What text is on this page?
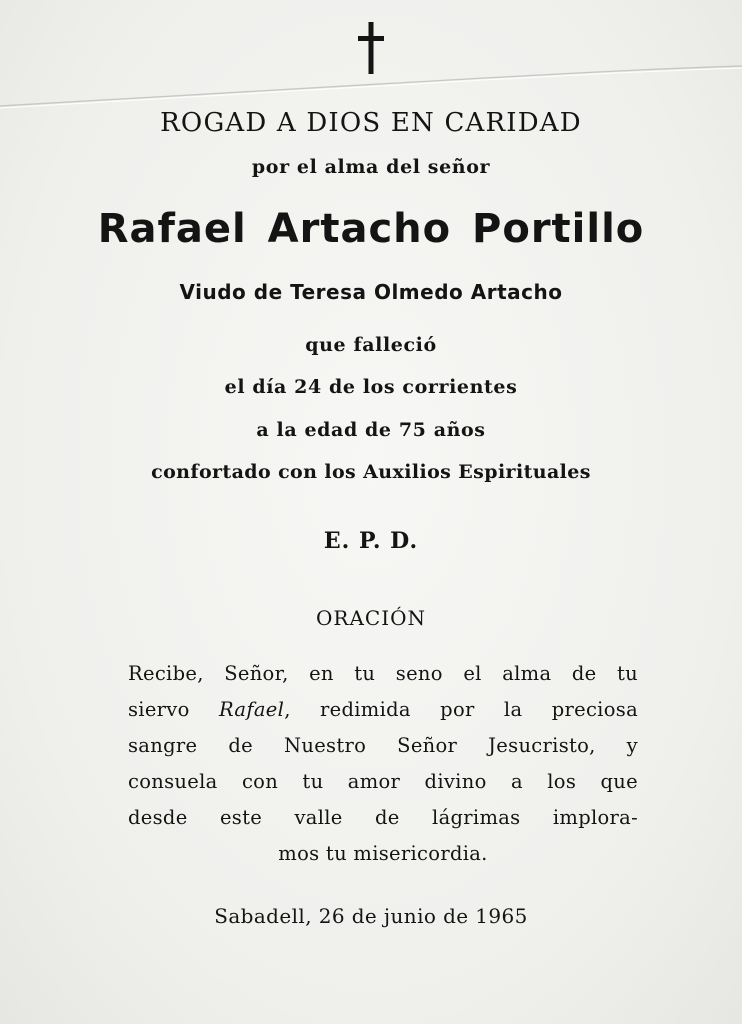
ROGAD A DIOS EN CARIDAD
por el alma del señor
Rafael Artacho Portillo
Viudo de Teresa Olmedo Artacho
que falleció
el día 24 de los corrientes
a la edad de 75 años
confortado con los Auxilios Espirituales
E. P. D.
ORACIÓN
Recibe, Señor, en tu seno el alma de tu
siervo Rafael, redimida por la preciosa
sangre de Nuestro Señor Jesucristo, y
consuela con tu amor divino a los que
desde este valle de lágrimas implora-
mos tu misericordia.
Sabadell, 26 de junio de 1965
